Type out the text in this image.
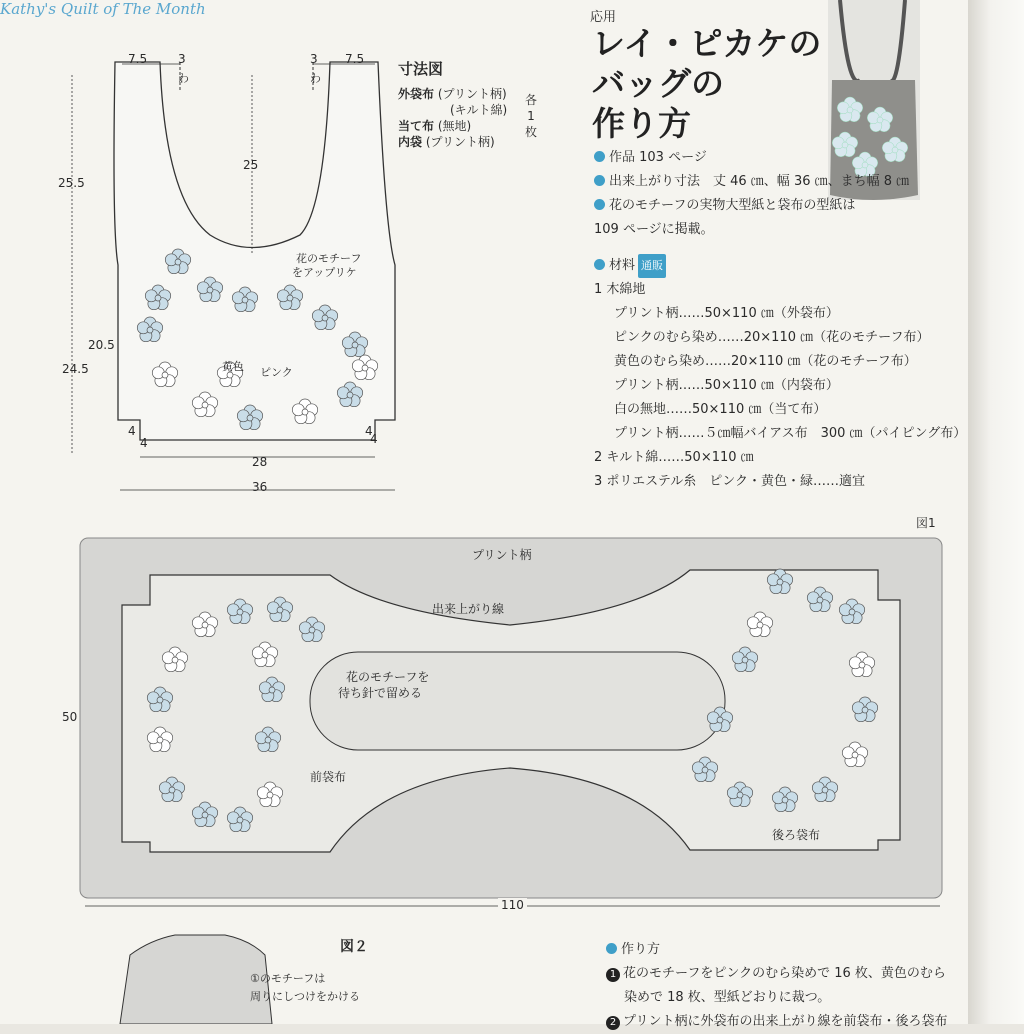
Kathy's Quilt of The Month
7.5	3
わ
3
わ
7.5
25
25.5
20.5
24.5
4
4
4
4
28
36
花のモチーフ
をアップリケ
黄色 ピンク
寸法図
外袋布 (プリント柄)
(キルト綿)
当て布 (無地)
内袋 (プリント柄)
各
1
枚
応用
レイ・ピカケの
バッグの
作り方
作品 103 ページ
出来上がり寸法　丈 46 ㎝、幅 36 ㎝、まち幅 8 ㎝
花のモチーフの実物大型紙と袋布の型紙は
109 ページに掲載。
材料 通販
1 木綿地
プリント柄……50×110 ㎝（外袋布）
ピンクのむら染め……20×110 ㎝（花のモチーフ布）
黄色のむら染め……20×110 ㎝（花のモチーフ布）
プリント柄……50×110 ㎝（内袋布）
白の無地……50×110 ㎝（当て布）
プリント柄……５㎝幅バイアス布　300 ㎝（パイピング布）
2 キルト綿……50×110 ㎝
3 ポリエステル糸　ピンク・黄色・緑……適宜
図1
プリント柄
出来上がり線
花のモチーフを
待ち針で留める
前袋布
後ろ袋布
50
110
図２
①のモチーフは
周りにしつけをかける
作り方
1 花のモチーフをピンクのむら染めで 16 枚、黄色のむら
染めで 18 枚、型紙どおりに裁つ。
2 プリント柄に外袋布の出来上がり線を前袋布・後ろ袋布
